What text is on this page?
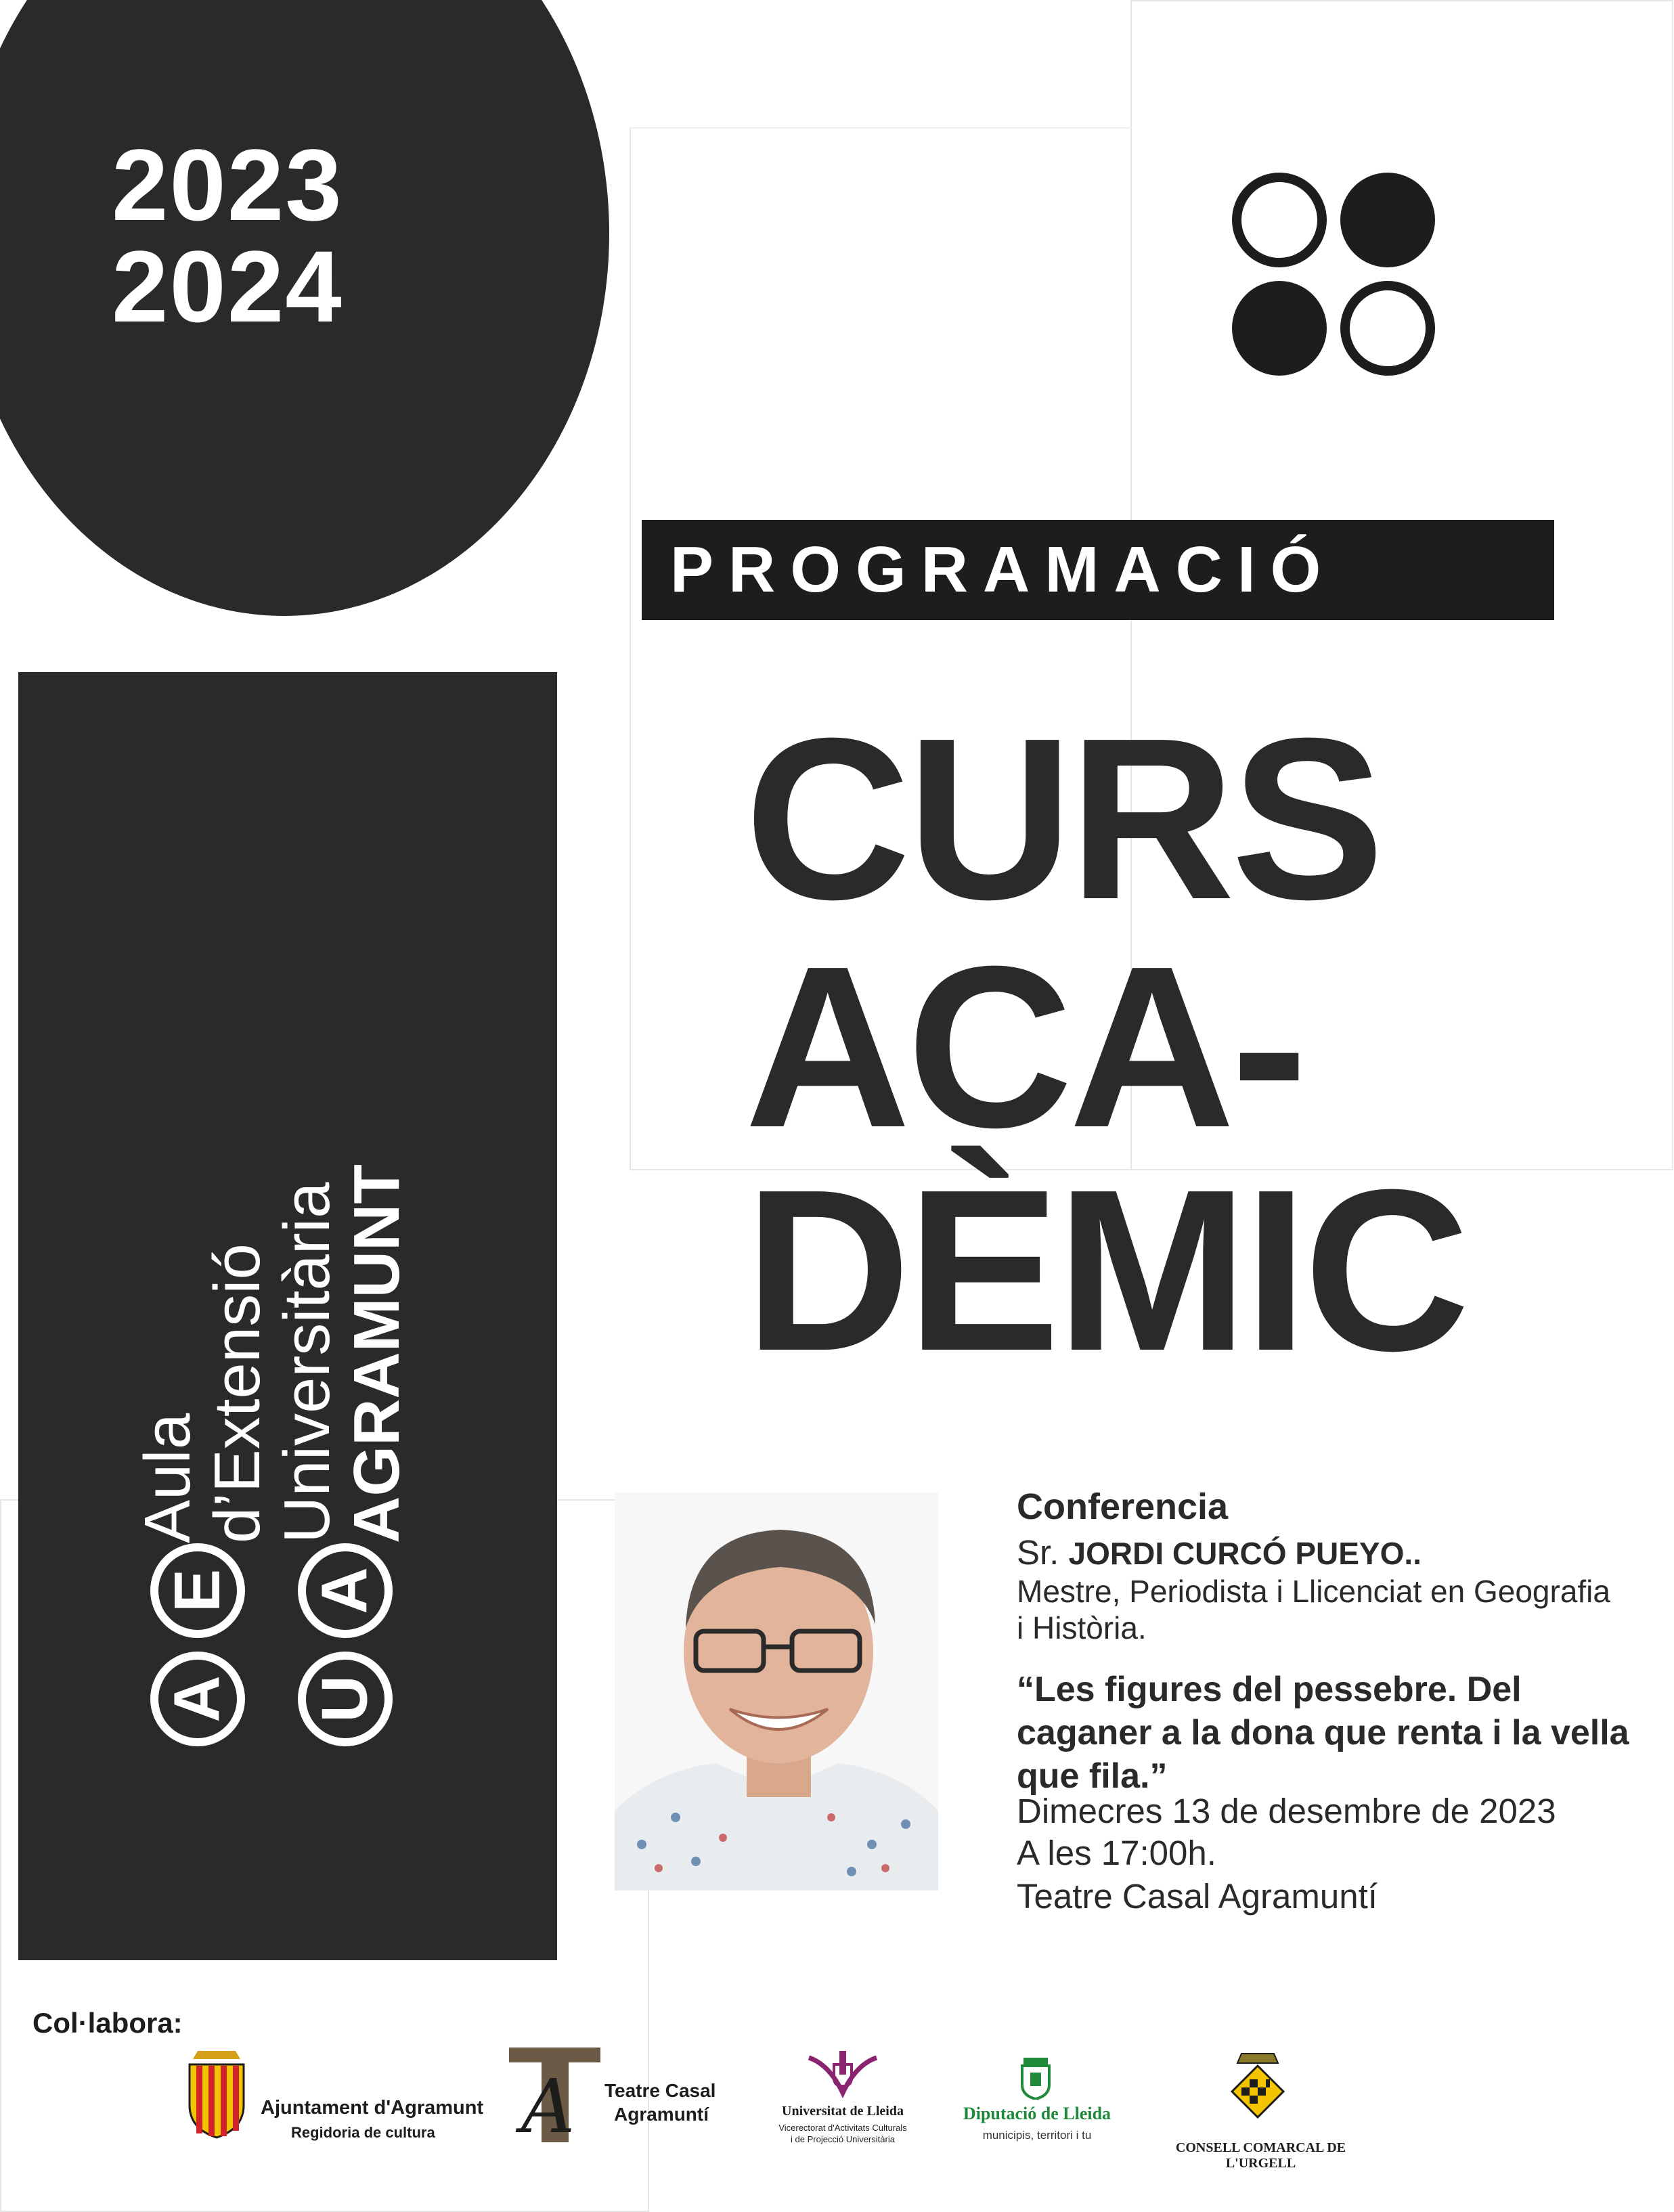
2023
2024
PROGRAMACIÓ
CURS
ACA-
DÈMIC
Aula
d’Extensió
Universitària
AGRAMUNT
A
E
U
A
Conferencia
Sr. JORDI CURCÓ PUEYO..
Mestre, Periodista i Llicenciat en Geografia
i Història.
“Les figures del pessebre. Del
caganer a la dona que renta i la vella
que fila.”
Dimecres 13 de desembre de 2023
A les 17:00h.
Teatre Casal Agramuntí
Col·labora:
Ajuntament d'Agramunt
Regidoria de cultura A Teatre Casal
Agramuntí	Universitat de Lleida
Vicerectorat d'Activitats Culturals
i de Projecció Universitària
Diputació de Lleida
municipis, territori i tu
CONSELL COMARCAL DE L'URGELL
